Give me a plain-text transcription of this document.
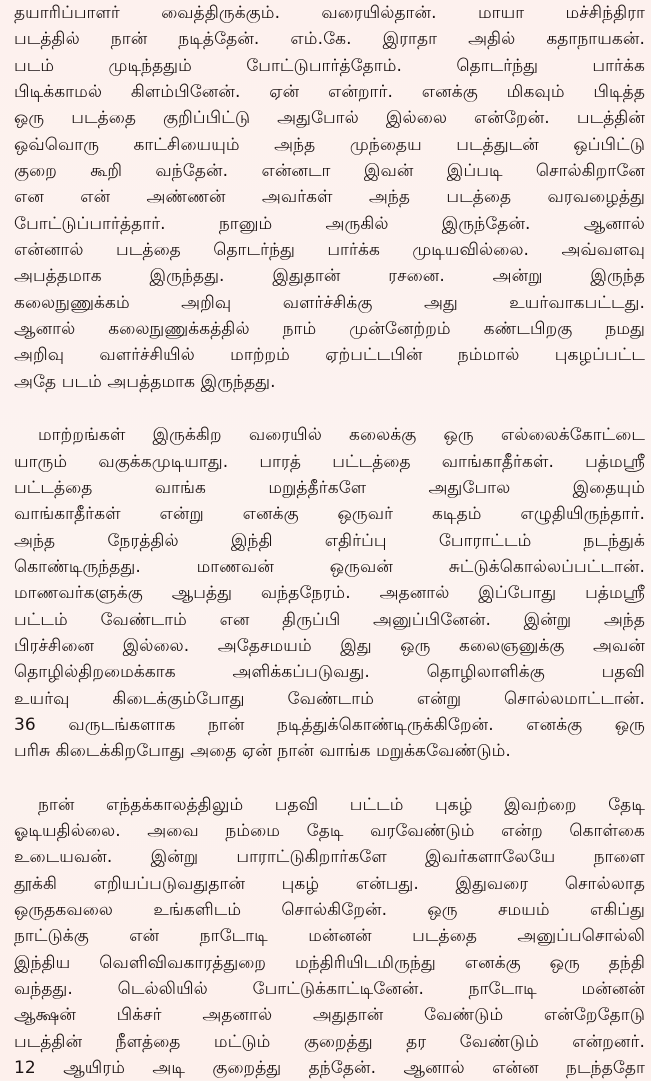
தயாரிப்பாளர் வைத்திருக்கும். வரையில்தான். மாயா மச்சிந்திரா
படத்தில் நான் நடித்தேன். எம்.கே. இராதா அதில் கதாநாயகன்.
படம் முடிந்ததும் போட்டுபார்த்தோம். தொடர்ந்து பார்க்க
பிடிக்காமல் கிளம்பினேன். ஏன் என்றார். எனக்கு மிகவும் பிடித்த
ஒரு படத்தை குறிப்பிட்டு அதுபோல் இல்லை என்றேன். படத்தின்
ஒவ்வொரு காட்சியையும் அந்த முந்தைய படத்துடன் ஒப்பிட்டு
குறை கூறி வந்தேன். என்னடா இவன் இப்படி சொல்கிறானே
என என் அண்ணன் அவர்கள் அந்த படத்தை வரவழைத்து
போட்டுப்பார்த்தார். நானும் அருகில் இருந்தேன். ஆனால்
என்னால் படத்தை தொடர்ந்து பார்க்க முடியவில்லை. அவ்வளவு
அபத்தமாக இருந்தது. இதுதான் ரசனை. அன்று இருந்த
கலைநுணுக்கம் அறிவு வளர்ச்சிக்கு அது உயர்வாகபட்டது.
ஆனால் கலைநுணுக்கத்தில் நாம் முன்னேற்றம் கண்டபிறகு நமது
அறிவு வளர்ச்சியில் மாற்றம் ஏற்பட்டபின் நம்மால் புகழப்பட்ட
அதே படம் அபத்தமாக இருந்தது.
மாற்றங்கள் இருக்கிற வரையில் கலைக்கு ஒரு எல்லைக்கோட்டை
யாரும் வகுக்கமுடியாது. பாரத் பட்டத்தை வாங்காதீர்கள். பத்மஸ்ரீ
பட்டத்தை வாங்க மறுத்தீர்களே அதுபோல இதையும்
வாங்காதீர்கள் என்று எனக்கு ஒருவர் கடிதம் எழுதியிருந்தார்.
அந்த நேரத்தில் இந்தி எதிர்ப்பு போராட்டம் நடந்துக்
கொண்டிருந்தது. மாணவன் ஒருவன் சுட்டுக்கொல்லப்பட்டான்.
மாணவர்களுக்கு ஆபத்து வந்தநேரம். அதனால் இப்போது பத்மஸ்ரீ
பட்டம் வேண்டாம் என திருப்பி அனுப்பினேன். இன்று அந்த
பிரச்சினை இல்லை. அதேசமயம் இது ஒரு கலைஞனுக்கு அவன்
தொழில்திறமைக்காக அளிக்கப்படுவது. தொழிலாளிக்கு பதவி
உயர்வு கிடைக்கும்போது வேண்டாம் என்று சொல்லமாட்டான்.
36 வருடங்களாக நான் நடித்துக்கொண்டிருக்கிறேன். எனக்கு ஒரு
பரிசு கிடைக்கிறபோது அதை ஏன் நான் வாங்க மறுக்கவேண்டும்.
நான் எந்தக்காலத்திலும் பதவி பட்டம் புகழ் இவற்றை தேடி
ஓடியதில்லை. அவை நம்மை தேடி வரவேண்டும் என்ற கொள்கை
உடையவன். இன்று பாராட்டுகிறார்களே இவர்களாலேயே நாளை
தூக்கி எறியப்படுவதுதான் புகழ் என்பது. இதுவரை சொல்லாத
ஒருதகவலை உங்களிடம் சொல்கிறேன். ஒரு சமயம் எகிப்து
நாட்டுக்கு என் நாடோடி மன்னன் படத்தை அனுப்பசொல்லி
இந்திய வெளிவிவகாரத்துறை மந்திரியிடமிருந்து எனக்கு ஒரு தந்தி
வந்தது. டெல்லியில் போட்டுக்காட்டினேன். நாடோடி மன்னன்
ஆக்ஷன் பிக்சர் அதனால் அதுதான் வேண்டும் என்றேதோடு
படத்தின் நீளத்தை மட்டும் குறைத்து தர வேண்டும் என்றனர்.
12 ஆயிரம் அடி குறைத்து தந்தேன். ஆனால் என்ன நடந்ததோ
